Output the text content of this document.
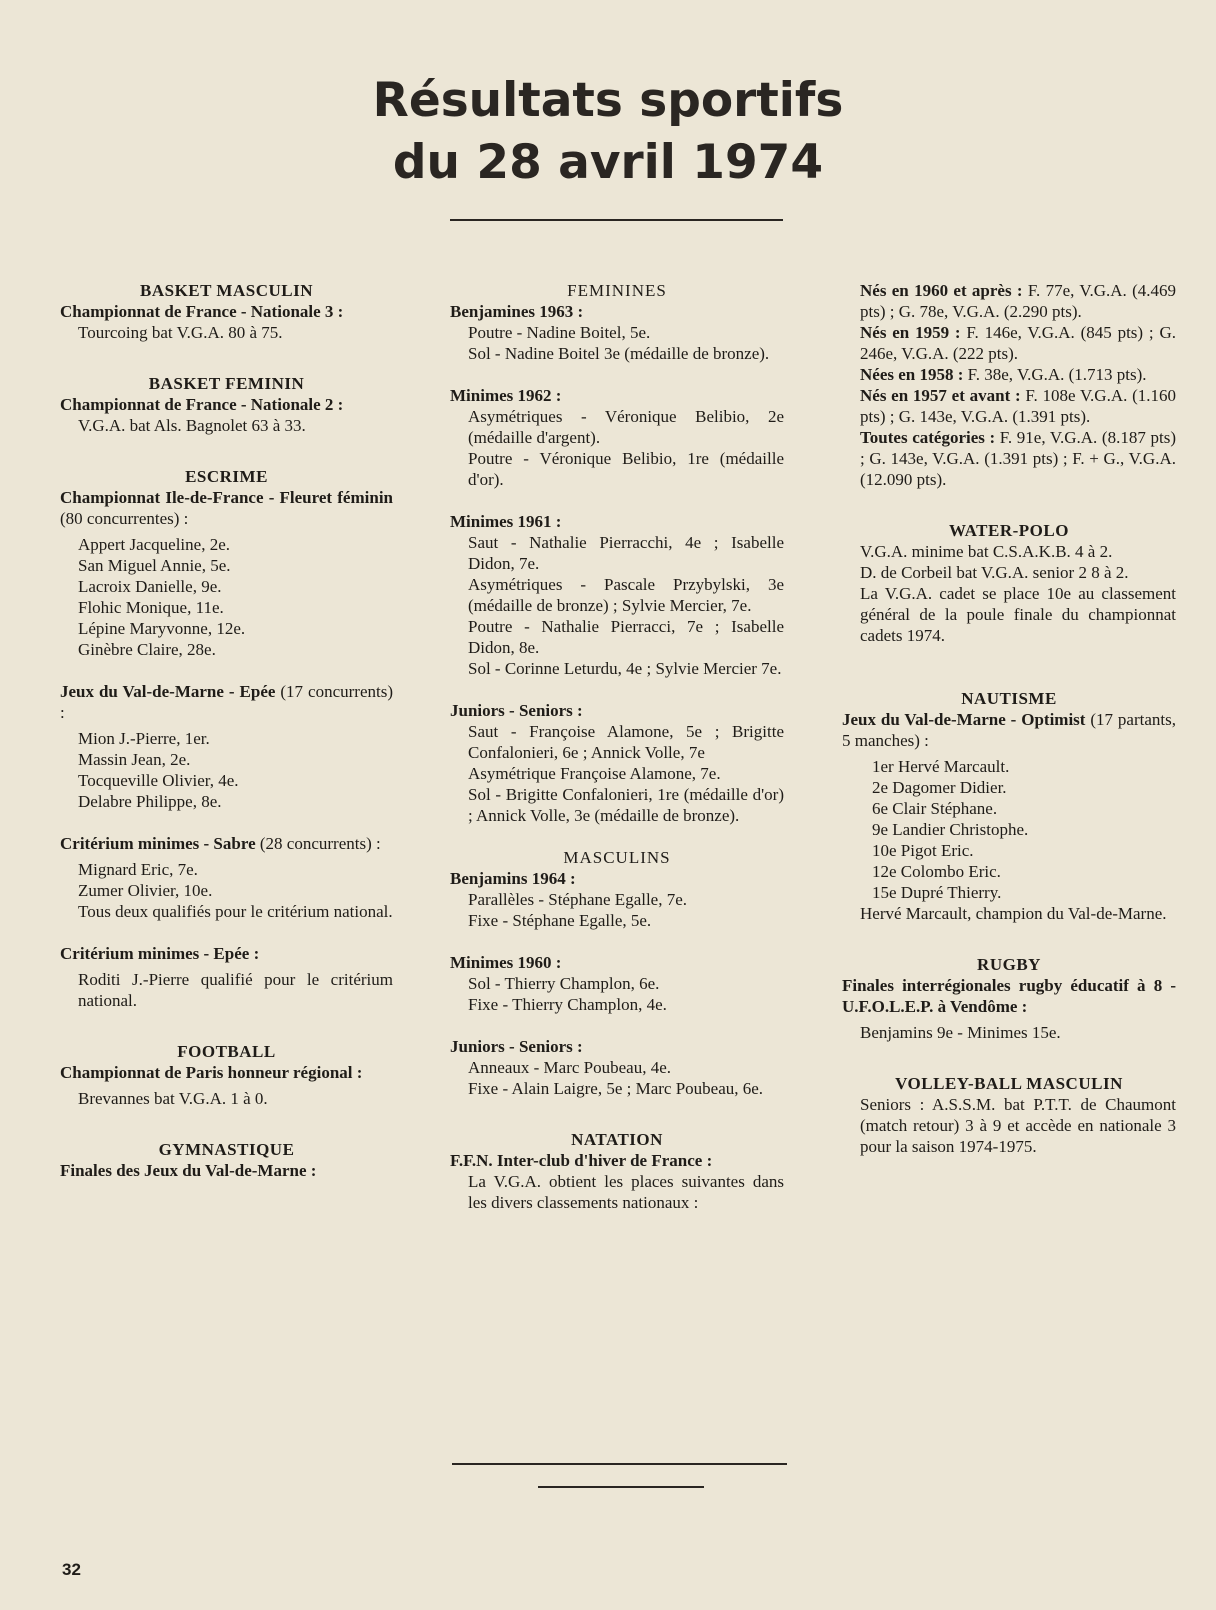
Résultats sportifs
du 28 avril 1974

BASKET MASCULIN

Championnat de France - Nationale 3 :

Tourcoing bat V.G.A. 80 à 75.

BASKET FEMININ

Championnat de France - Nationale 2 :

V.G.A. bat Als. Bagnolet 63 à 33.

ESCRIME

Championnat Ile-de-France - Fleuret féminin (80 concurrentes) :

Appert Jacqueline, 2e.

San Miguel Annie, 5e.

Lacroix Danielle, 9e.

Flohic Monique, 11e.

Lépine Maryvonne, 12e.

Ginèbre Claire, 28e.

Jeux du Val-de-Marne - Epée (17 concurrents) :

Mion J.-Pierre, 1er.

Massin Jean, 2e.

Tocqueville Olivier, 4e.

Delabre Philippe, 8e.

Critérium minimes - Sabre (28 concurrents) :

Mignard Eric, 7e.

Zumer Olivier, 10e.

Tous deux qualifiés pour le critérium national.

Critérium minimes - Epée :

Roditi J.-Pierre qualifié pour le critérium national.

FOOTBALL

Championnat de Paris honneur régional :

Brevannes bat V.G.A. 1 à 0.

GYMNASTIQUE

Finales des Jeux du Val-de-Marne :

FEMININES

Benjamines 1963 :

Poutre - Nadine Boitel, 5e.

Sol - Nadine Boitel 3e (médaille de bronze).

Minimes 1962 :

Asymétriques - Véronique Belibio, 2e (médaille d'argent).

Poutre - Véronique Belibio, 1re (médaille d'or).

Minimes 1961 :

Saut - Nathalie Pierracchi, 4e ; Isabelle Didon, 7e.

Asymétriques - Pascale Przybylski, 3e (médaille de bronze) ; Sylvie Mercier, 7e.

Poutre - Nathalie Pierracci, 7e ; Isabelle Didon, 8e.

Sol - Corinne Leturdu, 4e ; Sylvie Mercier 7e.

Juniors - Seniors :

Saut - Françoise Alamone, 5e ; Brigitte Confalonieri, 6e ; Annick Volle, 7e

Asymétrique Françoise Alamone, 7e.

Sol - Brigitte Confalonieri, 1re (médaille d'or) ; Annick Volle, 3e (médaille de bronze).

MASCULINS

Benjamins 1964 :

Parallèles - Stéphane Egalle, 7e.

Fixe - Stéphane Egalle, 5e.

Minimes 1960 :

Sol - Thierry Champlon, 6e.

Fixe - Thierry Champlon, 4e.

Juniors - Seniors :

Anneaux - Marc Poubeau, 4e.

Fixe - Alain Laigre, 5e ; Marc Poubeau, 6e.

NATATION

F.F.N. Inter-club d'hiver de France :

La V.G.A. obtient les places suivantes dans les divers classements nationaux :

Nés en 1960 et après : F. 77e, V.G.A. (4.469 pts) ; G. 78e, V.G.A. (2.290 pts).

Nés en 1959 : F. 146e, V.G.A. (845 pts) ; G. 246e, V.G.A. (222 pts).

Nées en 1958 : F. 38e, V.G.A. (1.713 pts).

Nés en 1957 et avant : F. 108e V.G.A. (1.160 pts) ; G. 143e, V.G.A. (1.391 pts).

Toutes catégories : F. 91e, V.G.A. (8.187 pts) ; G. 143e, V.G.A. (1.391 pts) ; F. + G., V.G.A. (12.090 pts).

WATER-POLO

V.G.A. minime bat C.S.A.K.B. 4 à 2.

D. de Corbeil bat V.G.A. senior 2 8 à 2.

La V.G.A. cadet se place 10e au classement général de la poule finale du championnat cadets 1974.

NAUTISME

Jeux du Val-de-Marne - Optimist (17 partants, 5 manches) :

1er Hervé Marcault.

2e Dagomer Didier.

6e Clair Stéphane.

9e Landier Christophe.

10e Pigot Eric.

12e Colombo Eric.

15e Dupré Thierry.

Hervé Marcault, champion du Val-de-Marne.

RUGBY

Finales interrégionales rugby éducatif à 8 - U.F.O.L.E.P. à Vendôme :

Benjamins 9e - Minimes 15e.

VOLLEY-BALL MASCULIN

Seniors : A.S.S.M. bat P.T.T. de Chaumont (match retour) 3 à 9 et accède en nationale 3 pour la saison 1974-1975.

32
